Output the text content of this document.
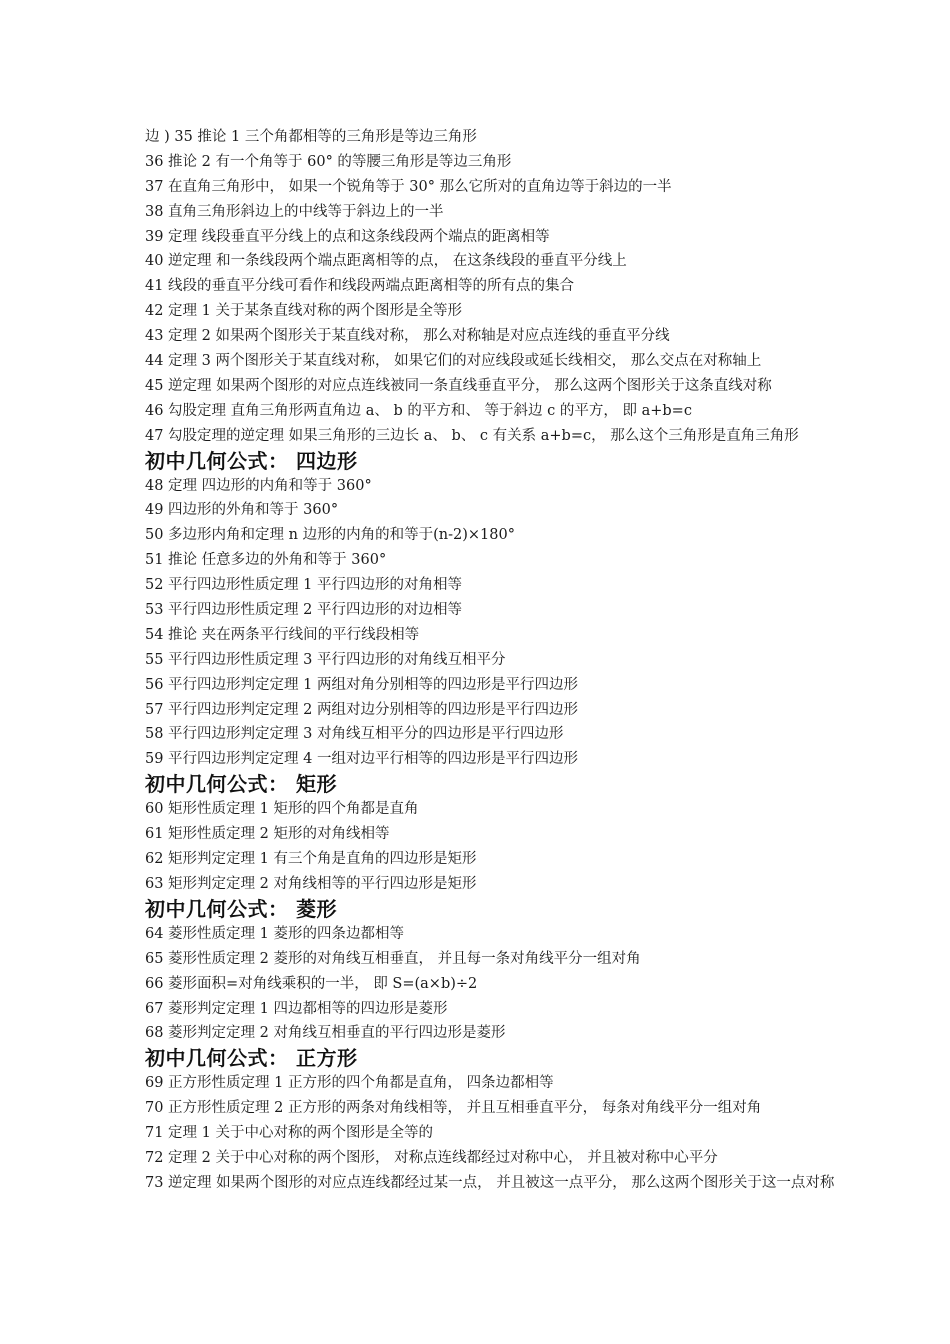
边 ) 35 推论 1 三个角都相等的三角形是等边三角形
36 推论 2 有一个角等于 60° 的等腰三角形是等边三角形
37 在直角三角形中， 如果一个锐角等于 30° 那么它所对的直角边等于斜边的一半
38 直角三角形斜边上的中线等于斜边上的一半
39 定理 线段垂直平分线上的点和这条线段两个端点的距离相等
40 逆定理 和一条线段两个端点距离相等的点， 在这条线段的垂直平分线上
41 线段的垂直平分线可看作和线段两端点距离相等的所有点的集合
42 定理 1 关于某条直线对称的两个图形是全等形
43 定理 2 如果两个图形关于某直线对称， 那么对称轴是对应点连线的垂直平分线
44 定理 3 两个图形关于某直线对称， 如果它们的对应线段或延长线相交， 那么交点在对称轴上
45 逆定理 如果两个图形的对应点连线被同一条直线垂直平分， 那么这两个图形关于这条直线对称
46 勾股定理 直角三角形两直角边 a、 b 的平方和、 等于斜边 c 的平方， 即 a+b=c
47 勾股定理的逆定理 如果三角形的三边长 a、 b、 c 有关系 a+b=c， 那么这个三角形是直角三角形
初中几何公式： 四边形
48 定理 四边形的内角和等于 360°
49 四边形的外角和等于 360°
50 多边形内角和定理 n 边形的内角的和等于(n-2)×180°
51 推论 任意多边的外角和等于 360°
52 平行四边形性质定理 1 平行四边形的对角相等
53 平行四边形性质定理 2 平行四边形的对边相等
54 推论 夹在两条平行线间的平行线段相等
55 平行四边形性质定理 3 平行四边形的对角线互相平分
56 平行四边形判定定理 1 两组对角分别相等的四边形是平行四边形
57 平行四边形判定定理 2 两组对边分别相等的四边形是平行四边形
58 平行四边形判定定理 3 对角线互相平分的四边形是平行四边形
59 平行四边形判定定理 4 一组对边平行相等的四边形是平行四边形
初中几何公式： 矩形
60 矩形性质定理 1 矩形的四个角都是直角
61 矩形性质定理 2 矩形的对角线相等
62 矩形判定定理 1 有三个角是直角的四边形是矩形
63 矩形判定定理 2 对角线相等的平行四边形是矩形
初中几何公式： 菱形
64 菱形性质定理 1 菱形的四条边都相等
65 菱形性质定理 2 菱形的对角线互相垂直， 并且每一条对角线平分一组对角
66 菱形面积=对角线乘积的一半， 即 S=(a×b)÷2
67 菱形判定定理 1 四边都相等的四边形是菱形
68 菱形判定定理 2 对角线互相垂直的平行四边形是菱形
初中几何公式： 正方形
69 正方形性质定理 1 正方形的四个角都是直角， 四条边都相等
70 正方形性质定理 2 正方形的两条对角线相等， 并且互相垂直平分， 每条对角线平分一组对角
71 定理 1 关于中心对称的两个图形是全等的
72 定理 2 关于中心对称的两个图形， 对称点连线都经过对称中心， 并且被对称中心平分
73 逆定理 如果两个图形的对应点连线都经过某一点， 并且被这一点平分， 那么这两个图形关于这一点对称
